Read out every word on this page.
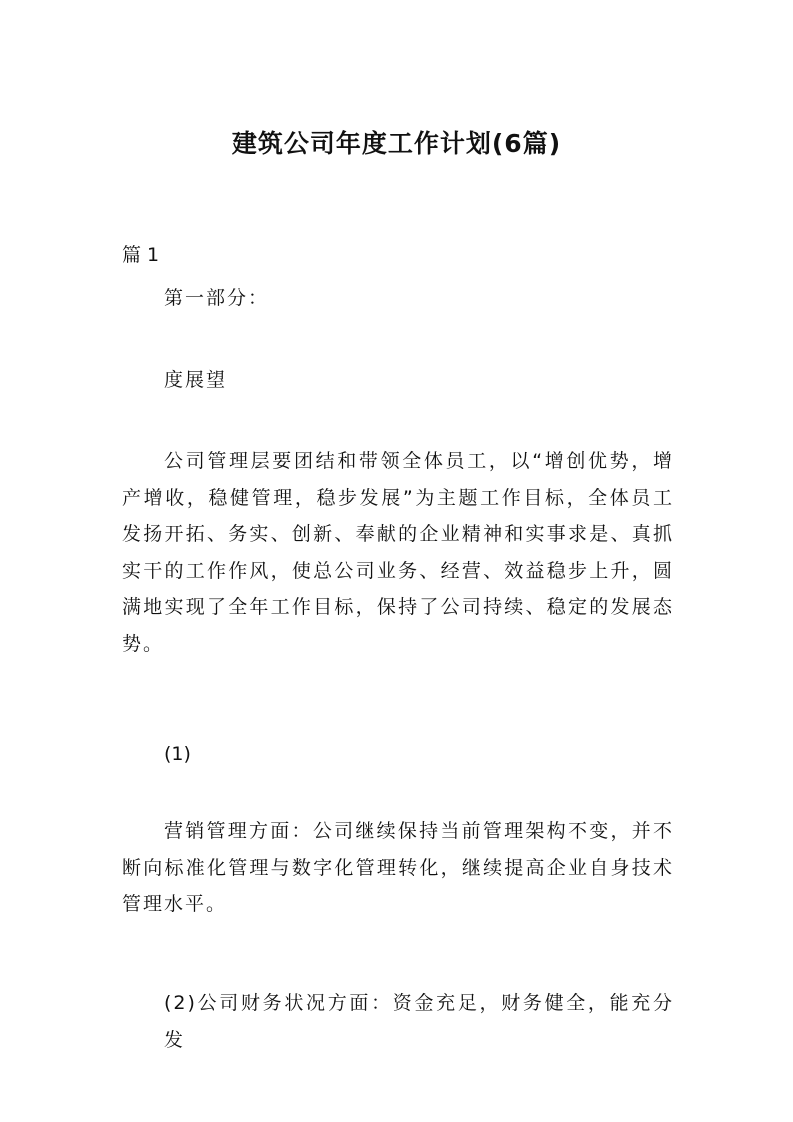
建筑公司年度工作计划(6篇)
篇 1
第一部分：
度展望
公司管理层要团结和带领全体员工，以“增创优势，增产增收，稳健管理，稳步发展”为主题工作目标，全体员工发扬开拓、务实、创新、奉献的企业精神和实事求是、真抓实干的工作作风，使总公司业务、经营、效益稳步上升，圆满地实现了全年工作目标，保持了公司持续、稳定的发展态势。
(1)
营销管理方面：公司继续保持当前管理架构不变，并不断向标准化管理与数字化管理转化，继续提高企业自身技术管理水平。
(2)公司财务状况方面：资金充足，财务健全，能充分发
